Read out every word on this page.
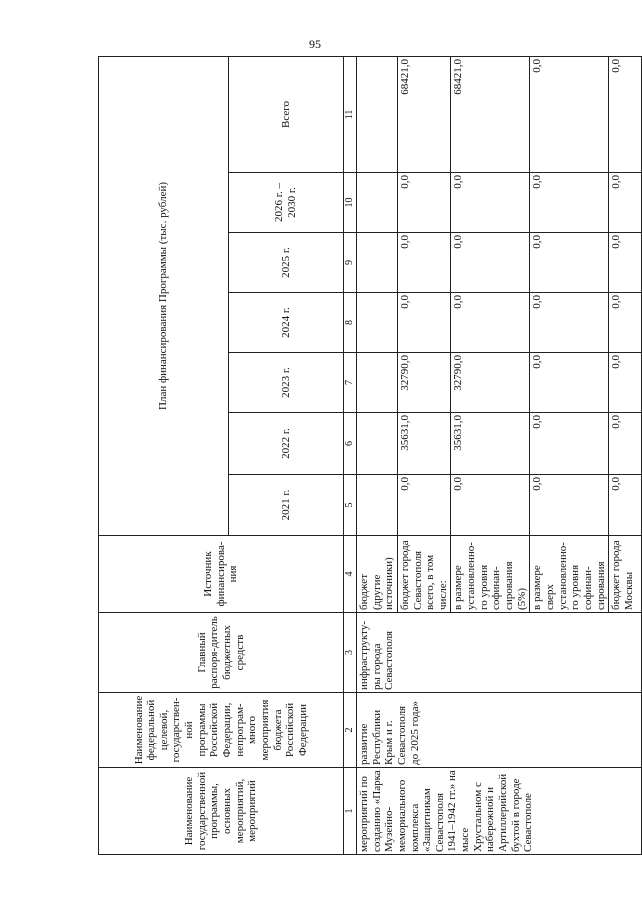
95
Наименование государственной программы, основных мероприятий, мероприятий	Наименование федеральной целевой, государствен-ной программы Российской Федерации, непрограм-много мероприятия бюджета Российской Федерации	Главный распоря-дитель бюджетных средств	Источник финансирова-ния	План финансирования Программы (тыс. рублей)						
				2021 г.	2022 г.	2023 г.	2024 г.	2025 г.	2026 г. – 2030 г.	Всего
1	2	3	4	5	6	7	8	9	10	11
мероприятий по созданию «Парка Музейно-мемориального комплекса «Защитникам Севастополя 1941–1942 гг.» на мысе Хрустальном с набережной и Артиллерийской бухтой в городе Севастополе	развитие Республики Крым и г. Севастополя до 2025 года»	инфраструкту-ры города Севастополя	бюджет (другие источники)							
			бюджет города Севастополя всего, в том числе:	0,0	35631,0	32790,0	0,0	0,0	0,0	68421,0
			в размере установленно-го уровня софинан-сирования (5%)	0,0	35631,0	32790,0	0,0	0,0	0,0	68421,0
			в размере сверх установленно-го уровня софинан-сирования	0,0	0,0	0,0	0,0	0,0	0,0	0,0
			бюджет города Москвы	0,0	0,0	0,0	0,0	0,0	0,0	0,0
